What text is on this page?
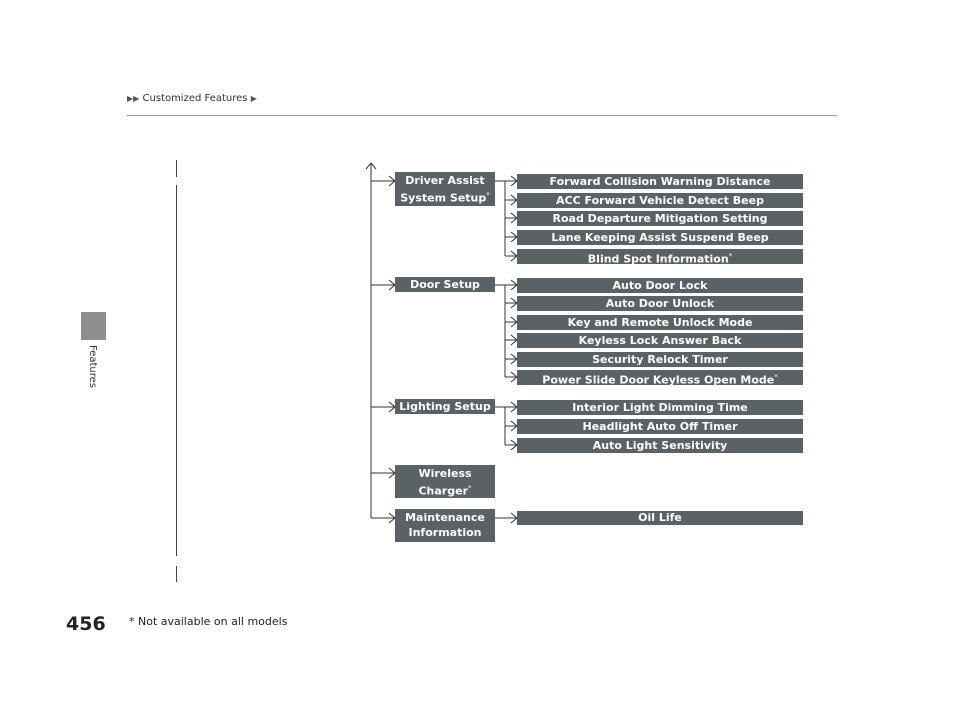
▶▶ Customized Features ▶
Features
Driver Assist
System Setup*
Door Setup
Lighting Setup
Wireless
Charger*
Maintenance
Information
Forward Collision Warning Distance
ACC Forward Vehicle Detect Beep
Road Departure Mitigation Setting
Lane Keeping Assist Suspend Beep
Blind Spot Information*
Auto Door Lock
Auto Door Unlock
Key and Remote Unlock Mode
Keyless Lock Answer Back
Security Relock Timer
Power Slide Door Keyless Open Mode*
Interior Light Dimming Time
Headlight Auto Off Timer
Auto Light Sensitivity
Oil Life
456 * Not available on all models
